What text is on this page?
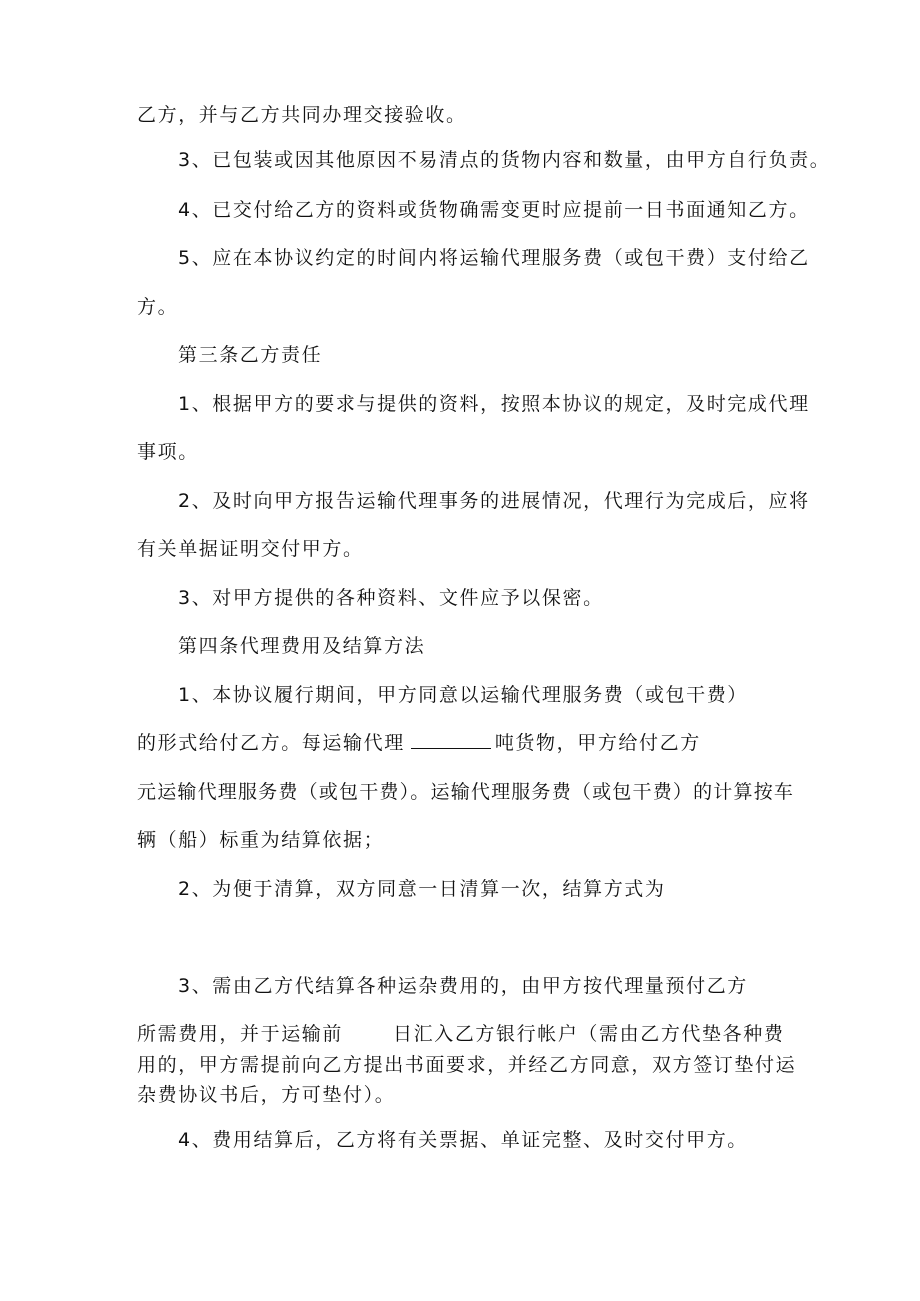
乙方，并与乙方共同办理交接验收。

3、已包装或因其他原因不易清点的货物内容和数量，由甲方自行负责。

4、已交付给乙方的资料或货物确需变更时应提前一日书面通知乙方。

5、应在本协议约定的时间内将运输代理服务费（或包干费）支付给乙

方。

第三条乙方责任

1、根据甲方的要求与提供的资料，按照本协议的规定，及时完成代理

事项。

2、及时向甲方报告运输代理事务的进展情况，代理行为完成后，应将

有关单据证明交付甲方。

3、对甲方提供的各种资料、文件应予以保密。

第四条代理费用及结算方法

1、本协议履行期间，甲方同意以运输代理服务费（或包干费）

的形式给付乙方。每运输代理	吨货物，甲方给付乙方

元运输代理服务费（或包干费）。运输代理服务费（或包干费）的计算按车

辆（船）标重为结算依据；

2、为便于清算，双方同意一日清算一次，结算方式为

3、需由乙方代结算各种运杂费用的，由甲方按代理量预付乙方

所需费用，并于运输前	日汇入乙方银行帐户（需由乙方代垫各种费

用的，甲方需提前向乙方提出书面要求，并经乙方同意，双方签订垫付运

杂费协议书后，方可垫付）。

4、费用结算后，乙方将有关票据、单证完整、及时交付甲方。
